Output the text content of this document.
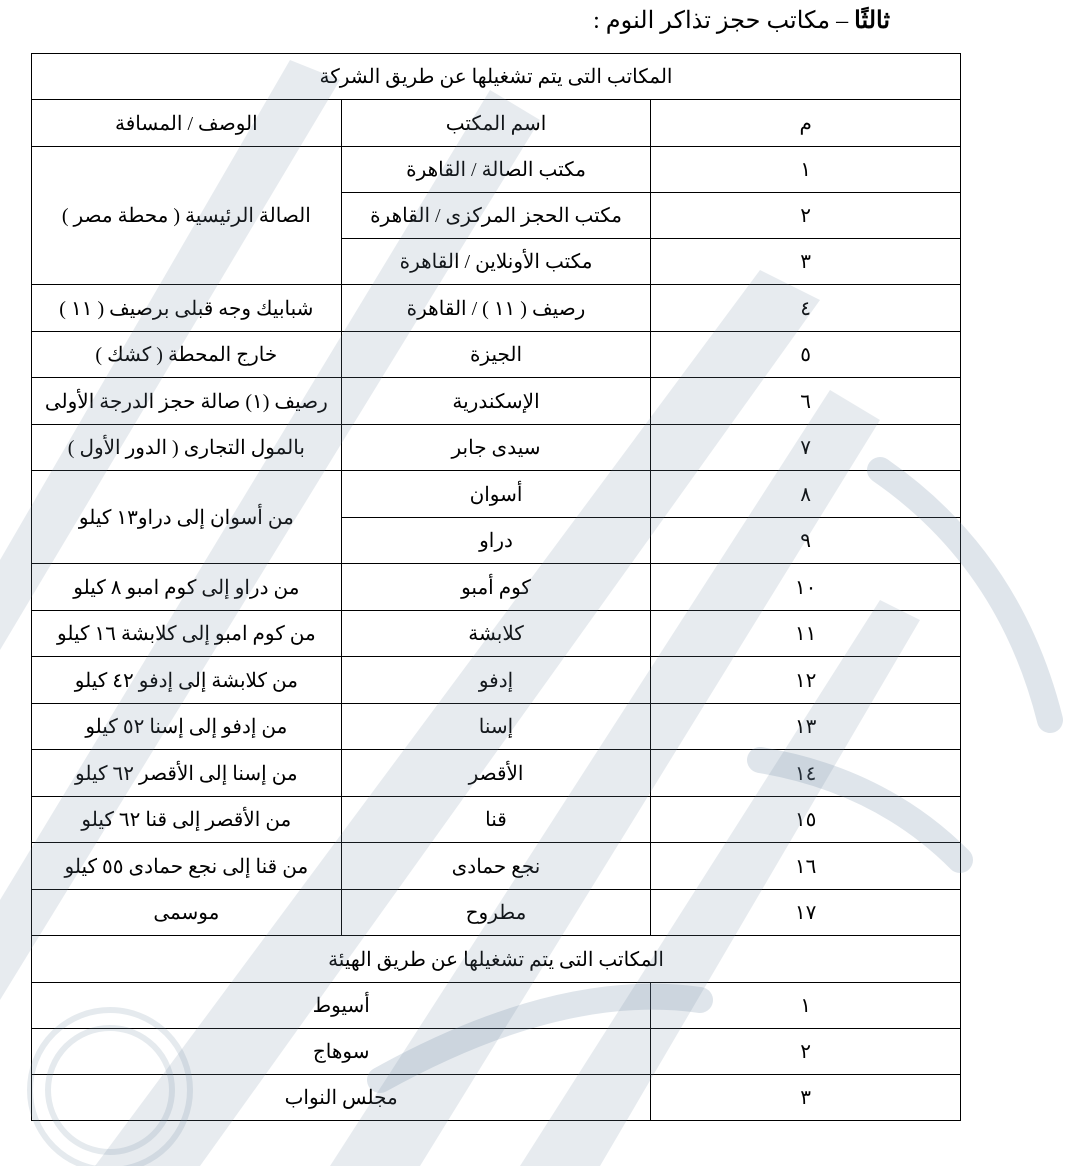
ثالثًا – مكاتب حجز تذاكر النوم :
المكاتب التى يتم تشغيلها عن طريق الشركة		
م	اسم المكتب	الوصف / المسافة
١	مكتب الصالة / القاهرة	الصالة الرئيسية ( محطة مصر )
٢	مكتب الحجز المركزى / القاهرة	
٣	مكتب الأونلاين / القاهرة	
٤	رصيف ( ١١ ) / القاهرة	شبابيك وجه قبلى برصيف ( ١١ )
٥	الجيزة	خارج المحطة ( كشك )
٦	الإسكندرية	رصيف (١) صالة حجز الدرجة الأولى
٧	سيدى جابر	بالمول التجارى ( الدور الأول )
٨	أسوان	من أسوان إلى دراو١٣ كيلو
٩	دراو	
١٠	كوم أمبو	من دراو إلى كوم امبو ٨ كيلو
١١	كلابشة	من كوم امبو إلى كلابشة ١٦ كيلو
١٢	إدفو	من كلابشة إلى إدفو ٤٢ كيلو
١٣	إسنا	من إدفو إلى إسنا ٥٢ كيلو
١٤	الأقصر	من إسنا إلى الأقصر ٦٢ كيلو
١٥	قنا	من الأقصر إلى قنا ٦٢ كيلو
١٦	نجع حمادى	من قنا إلى نجع حمادى ٥٥ كيلو
١٧	مطروح	موسمى
المكاتب التى يتم تشغيلها عن طريق الهيئة		
١	أسيوط	
٢	سوهاج	
٣	مجلس النواب	
